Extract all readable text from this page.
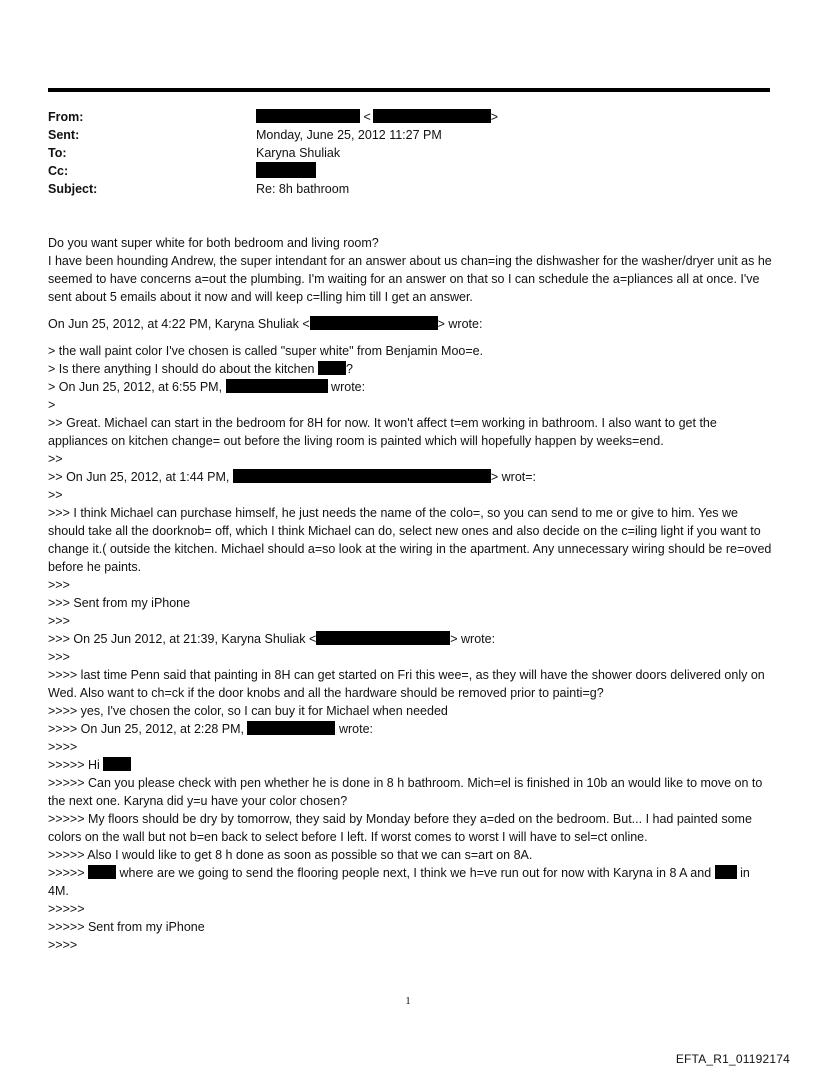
From:	<	>
Sent:	Monday, June 25, 2012 11:27 PM
To:	Karyna Shuliak
Cc:
Subject:	Re: 8h bathroom

Do you want super white for both bedroom and living room?

I have been hounding Andrew, the super intendant for an answer about us chan=ing the dishwasher for the washer/dryer unit as he seemed to have concerns a=out the plumbing. I'm waiting for an answer on that so I can schedule the a=pliances all at once. I've sent about 5 emails about it now and will keep c=lling him till I get an answer.

On Jun 25, 2012, at 4:22 PM, Karyna Shuliak <	> wrote:

> the wall paint color I've chosen is called "super white" from Benjamin Moo=e.

> Is there anything I should do about the kitchen	?

> On Jun 25, 2012, at 6:55 PM,	wrote:

>

>> Great. Michael can start in the bedroom for 8H for now. It won't affect t=em working in bathroom. I also want to get the appliances on kitchen change= out before the living room is painted which will hopefully happen by weeks=end.

>>

>> On Jun 25, 2012, at 1:44 PM,	> wrot=:

>>

>>> I think Michael can purchase himself, he just needs the name of the colo=, so you can send to me or give to him. Yes we should take all the doorknob= off, which I think Michael can do, select new ones and also decide on the c=iling light if you want to change it.( outside the kitchen. Michael should a=so look at the wiring in the apartment. Any unnecessary wiring should be re=oved before he paints.

>>>

>>> Sent from my iPhone

>>>

>>> On 25 Jun 2012, at 21:39, Karyna Shuliak <	> wrote:

>>>

>>>> last time Penn said that painting in 8H can get started on Fri this wee=, as they will have the shower doors delivered only on Wed. Also want to ch=ck if the door knobs and all the hardware should be removed prior to painti=g?

>>>> yes, I've chosen the color, so I can buy it for Michael when needed

>>>> On Jun 25, 2012, at 2:28 PM,	wrote:

>>>>

>>>>> Hi

>>>>> Can you please check with pen whether he is done in 8 h bathroom. Mich=el is finished in 10b an would like to move on to the next one. Karyna did y=u have your color chosen?

>>>>> My floors should be dry by tomorrow, they said by Monday before they a=ded on the bedroom. But... I had painted some colors on the wall but not b=en back to select before I left. If worst comes to worst I will have to sel=ct online.

>>>>> Also I would like to get 8 h done as soon as possible so that we can s=art on 8A.

>>>>>	where are we going to send the flooring people next, I think we h=ve run out for now with Karyna in 8 A and in 4M.

>>>>>

>>>>> Sent from my iPhone

>>>>

1
EFTA_R1_01192174
